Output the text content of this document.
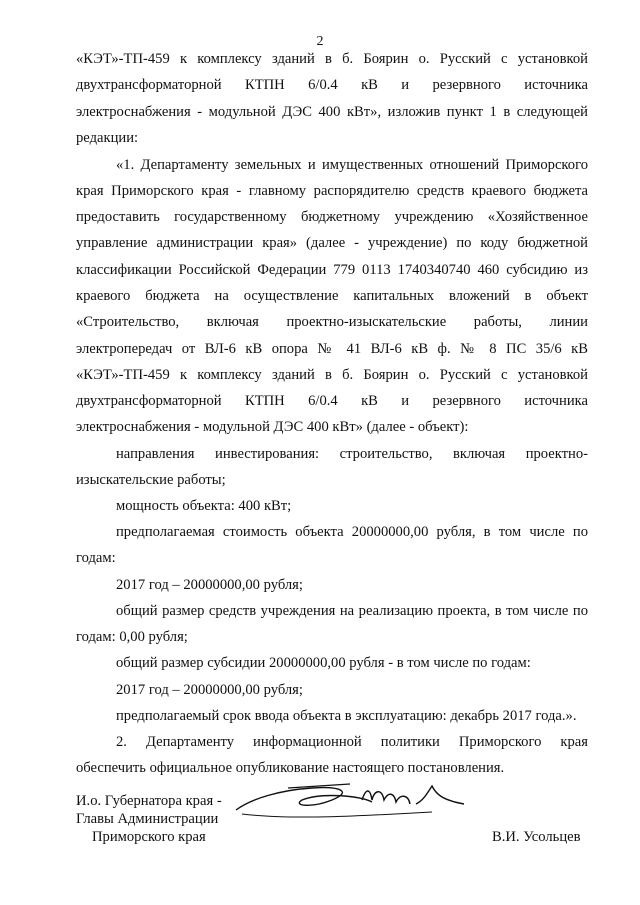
2
«КЭТ»-ТП-459 к комплексу зданий в б. Боярин о. Русский с установкой
двухтрансформаторной КТПН 6/0.4 кВ и резервного источника
электроснабжения - модульной ДЭС 400 кВт», изложив пункт 1 в следующей
редакции:
«1. Департаменту земельных и имущественных отношений Приморского
края Приморского края - главному распорядителю средств краевого бюджета
предоставить государственному бюджетному учреждению «Хозяйственное
управление администрации края» (далее - учреждение) по коду бюджетной
классификации Российской Федерации 779 0113 1740340740 460 субсидию из
краевого бюджета на осуществление капитальных вложений в объект
«Строительство, включая проектно-изыскательские работы, линии
электропередач от ВЛ-6 кВ опора № 41 ВЛ-6 кВ ф. № 8 ПС 35/6 кВ
«КЭТ»-ТП-459 к комплексу зданий в б. Боярин о. Русский с установкой
двухтрансформаторной КТПН 6/0.4 кВ и резервного источника
электроснабжения - модульной ДЭС 400 кВт» (далее - объект):
направления инвестирования: строительство, включая проектно-
изыскательские работы;
мощность объекта: 400 кВт;
предполагаемая стоимость объекта 20000000,00 рубля, в том числе по
годам:
2017 год – 20000000,00 рубля;
общий размер средств учреждения на реализацию проекта, в том числе по
годам: 0,00 рубля;
общий размер субсидии 20000000,00 рубля - в том числе по годам:
2017 год – 20000000,00 рубля;
предполагаемый срок ввода объекта в эксплуатацию: декабрь 2017 года.».
2. Департаменту информационной политики Приморского края
обеспечить официальное опубликование настоящего постановления.
И.о. Губернатора края -
Главы Администрации
Приморского края	В.И. Усольцев
